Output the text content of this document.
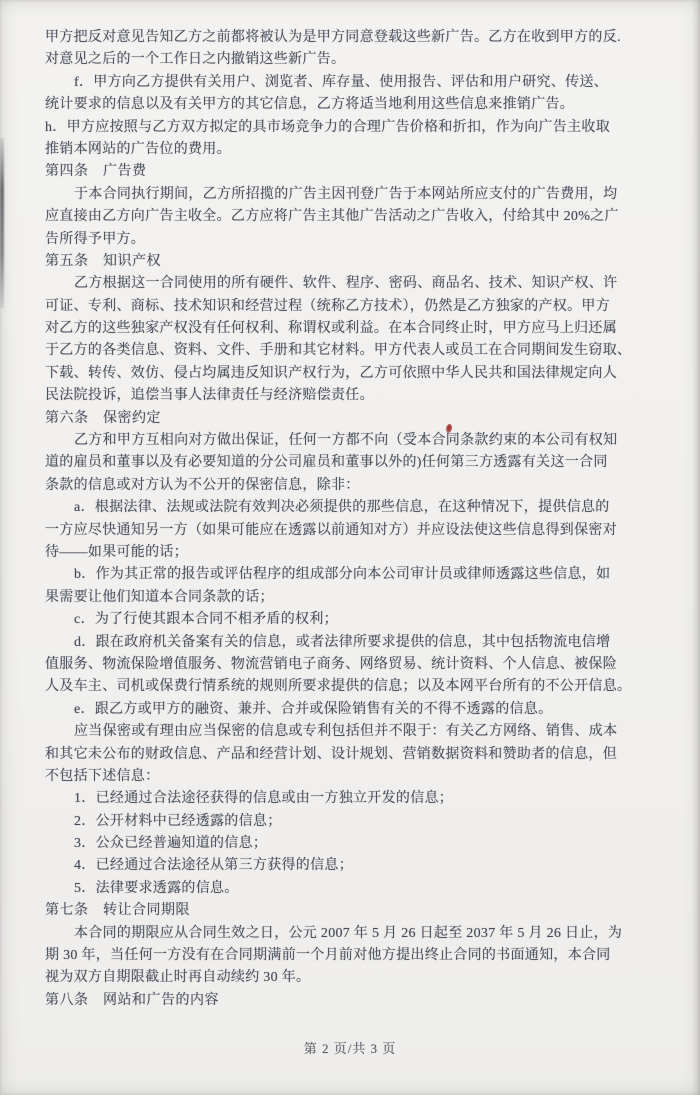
甲方把反对意见告知乙方之前都将被认为是甲方同意登载这些新广告。乙方在收到甲方的反.
对意见之后的一个工作日之内撤销这些新广告。
f．甲方向乙方提供有关用户、浏览者、库存量、使用报告、评估和用户研究、传送、
统计要求的信息以及有关甲方的其它信息，乙方将适当地利用这些信息来推销广告。
h．甲方应按照与乙方双方拟定的具市场竞争力的合理广告价格和折扣，作为向广告主收取
推销本网站的广告位的费用。
第四条　广告费
于本合同执行期间，乙方所招揽的广告主因刊登广告于本网站所应支付的广告费用，均
应直接由乙方向广告主收全。乙方应将广告主其他广告活动之广告收入，付给其中 20%之广
告所得予甲方。
第五条　知识产权
乙方根据这一合同使用的所有硬件、软件、程序、密码、商品名、技术、知识产权、许
可证、专利、商标、技术知识和经营过程（统称乙方技术），仍然是乙方独家的产权。甲方
对乙方的这些独家产权没有任何权利、称谓权或利益。在本合同终止时，甲方应马上归还属
于乙方的各类信息、资料、文件、手册和其它材料。甲方代表人或员工在合同期间发生窃取、
下载、转传、效仿、侵占均属违反知识产权行为，乙方可依照中华人民共和国法律规定向人
民法院投诉，追偿当事人法律责任与经济赔偿责任。
第六条　保密约定
乙方和甲方互相向对方做出保证，任何一方都不向（受本合同条款约束的本公司有权知
道的雇员和董事以及有必要知道的分公司雇员和董事以外的)任何第三方透露有关这一合同
条款的信息或对方认为不公开的保密信息，除非：
a．根据法律、法规或法院有效判决必须提供的那些信息，在这种情况下，提供信息的
一方应尽快通知另一方（如果可能应在透露以前通知对方）并应设法使这些信息得到保密对
待——如果可能的话；
b．作为其正常的报告或评估程序的组成部分向本公司审计员或律师透露这些信息，如
果需要让他们知道本合同条款的话；
c．为了行使其跟本合同不相矛盾的权利；
d．跟在政府机关备案有关的信息，或者法律所要求提供的信息，其中包括物流电信增
值服务、物流保险增值服务、物流营销电子商务、网络贸易、统计资料、个人信息、被保险
人及车主、司机或保费行情系统的规则所要求提供的信息；以及本网平台所有的不公开信息。
e．跟乙方或甲方的融资、兼并、合并或保险销售有关的不得不透露的信息。
应当保密或有理由应当保密的信息或专利包括但并不限于：有关乙方网络、销售、成本
和其它未公布的财政信息、产品和经营计划、设计规划、营销数据资料和赞助者的信息，但
不包括下述信息：
1．已经通过合法途径获得的信息或由一方独立开发的信息；
2．公开材料中已经透露的信息；
3．公众已经普遍知道的信息；
4．已经通过合法途径从第三方获得的信息；
5．法律要求透露的信息。
第七条　转让合同期限
本合同的期限应从合同生效之日，公元 2007 年 5 月 26 日起至 2037 年 5 月 26 日止，为
期 30 年，当任何一方没有在合同期满前一个月前对他方提出终止合同的书面通知，本合同
视为双方自期限截止时再自动续约 30 年。
第八条　网站和广告的内容
第 2 页/共 3 页
